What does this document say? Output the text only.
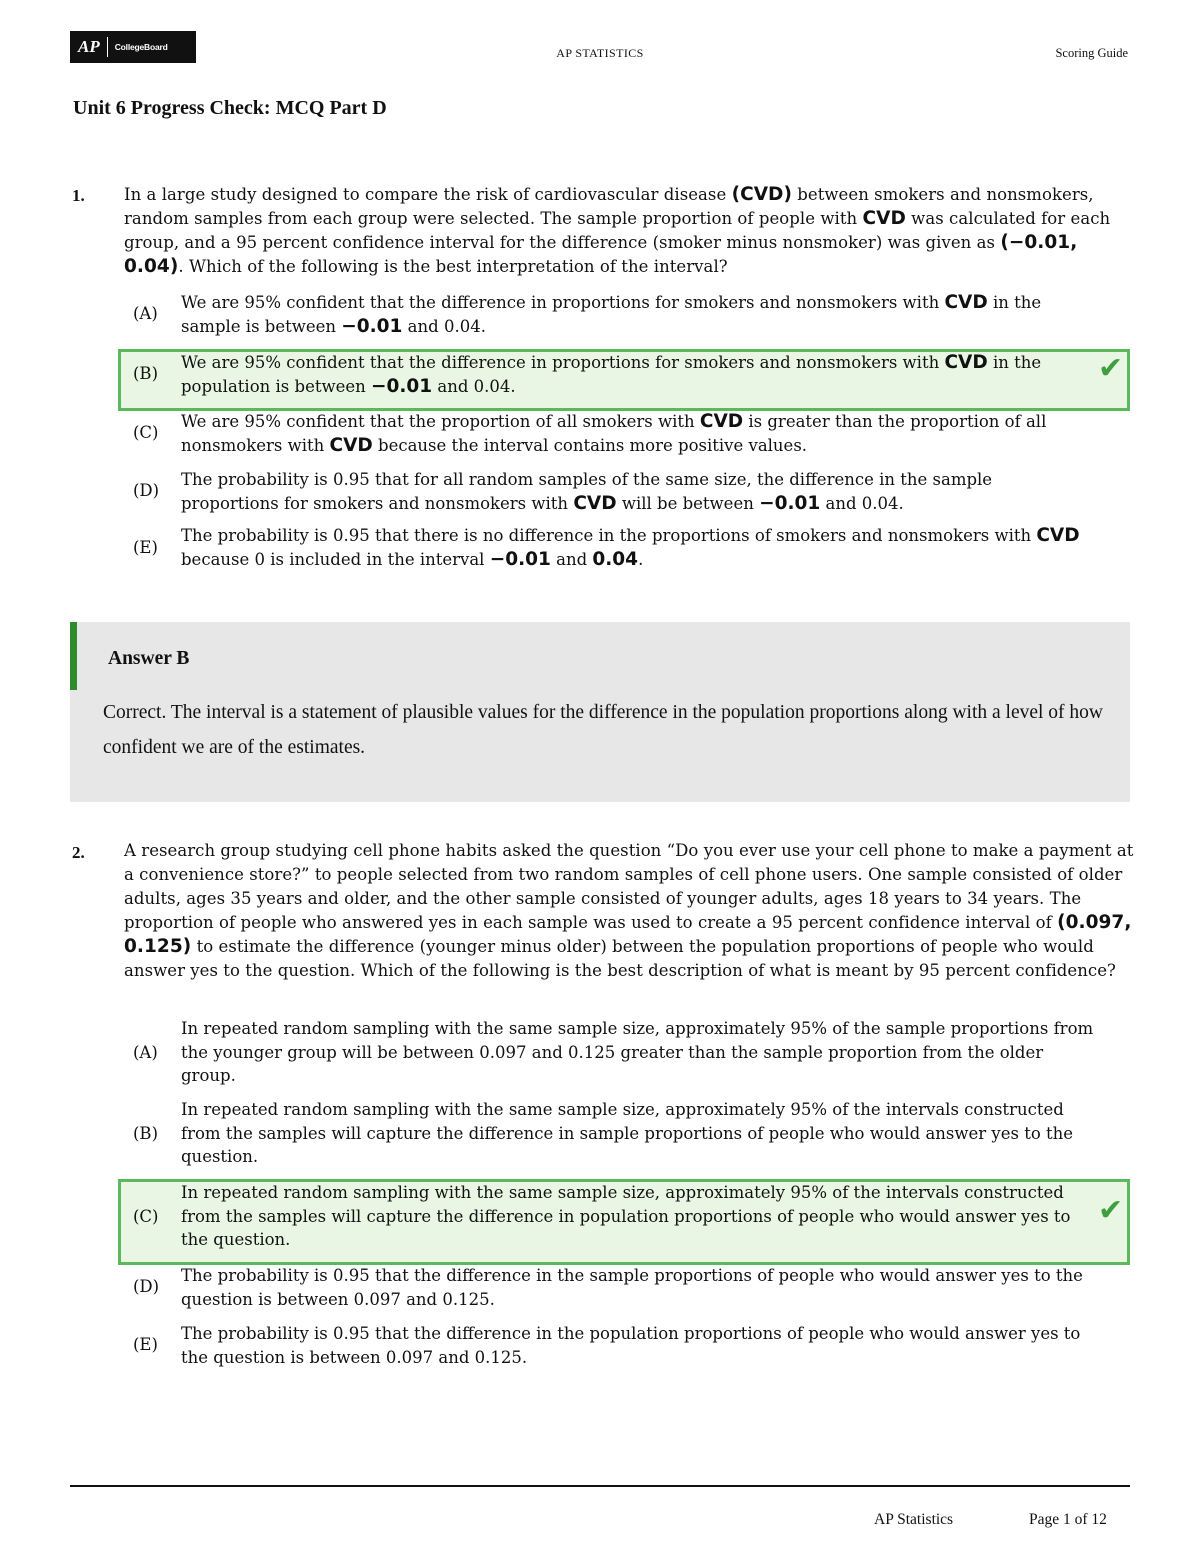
AP CollegeBoard	AP STATISTICS	Scoring Guide
Unit 6 Progress Check: MCQ Part D
1. In a large study designed to compare the risk of cardiovascular disease (CVD) between smokers and nonsmokers, random samples from each group were selected. The sample proportion of people with CVD was calculated for each group, and a 95 percent confidence interval for the difference (smoker minus nonsmoker) was given as (−0.01, 0.04). Which of the following is the best interpretation of the interval?
(A)
We are 95% confident that the difference in proportions for smokers and nonsmokers with CVD in the sample is between −0.01 and 0.04.
(B)
We are 95% confident that the difference in proportions for smokers and nonsmokers with CVD in the population is between −0.01 and 0.04.	✔
(C)
We are 95% confident that the proportion of all smokers with CVD is greater than the proportion of all nonsmokers with CVD because the interval contains more positive values.
(D)
The probability is 0.95 that for all random samples of the same size, the difference in the sample proportions for smokers and nonsmokers with CVD will be between −0.01 and 0.04.
(E)
The probability is 0.95 that there is no difference in the proportions of smokers and nonsmokers with CVD because 0 is included in the interval −0.01 and 0.04.
Answer B
Correct. The interval is a statement of plausible values for the difference in the population proportions along with a level of how confident we are of the estimates.
2. A research group studying cell phone habits asked the question “Do you ever use your cell phone to make a payment at a convenience store?” to people selected from two random samples of cell phone users. One sample consisted of older adults, ages 35 years and older, and the other sample consisted of younger adults, ages 18 years to 34 years. The proportion of people who answered yes in each sample was used to create a 95 percent confidence interval of (0.097, 0.125) to estimate the difference (younger minus older) between the population proportions of people who would answer yes to the question. Which of the following is the best description of what is meant by 95 percent confidence?
(A)
In repeated random sampling with the same sample size, approximately 95% of the sample proportions from the younger group will be between 0.097 and 0.125 greater than the sample proportion from the older group.
(B)
In repeated random sampling with the same sample size, approximately 95% of the intervals constructed from the samples will capture the difference in sample proportions of people who would answer yes to the question.
(C)
In repeated random sampling with the same sample size, approximately 95% of the intervals constructed from the samples will capture the difference in population proportions of people who would answer yes to the question.
✔
(D)
The probability is 0.95 that the difference in the sample proportions of people who would answer yes to the question is between 0.097 and 0.125.
(E)
The probability is 0.95 that the difference in the population proportions of people who would answer yes to the question is between 0.097 and 0.125.
AP Statistics	Page 1 of 12
